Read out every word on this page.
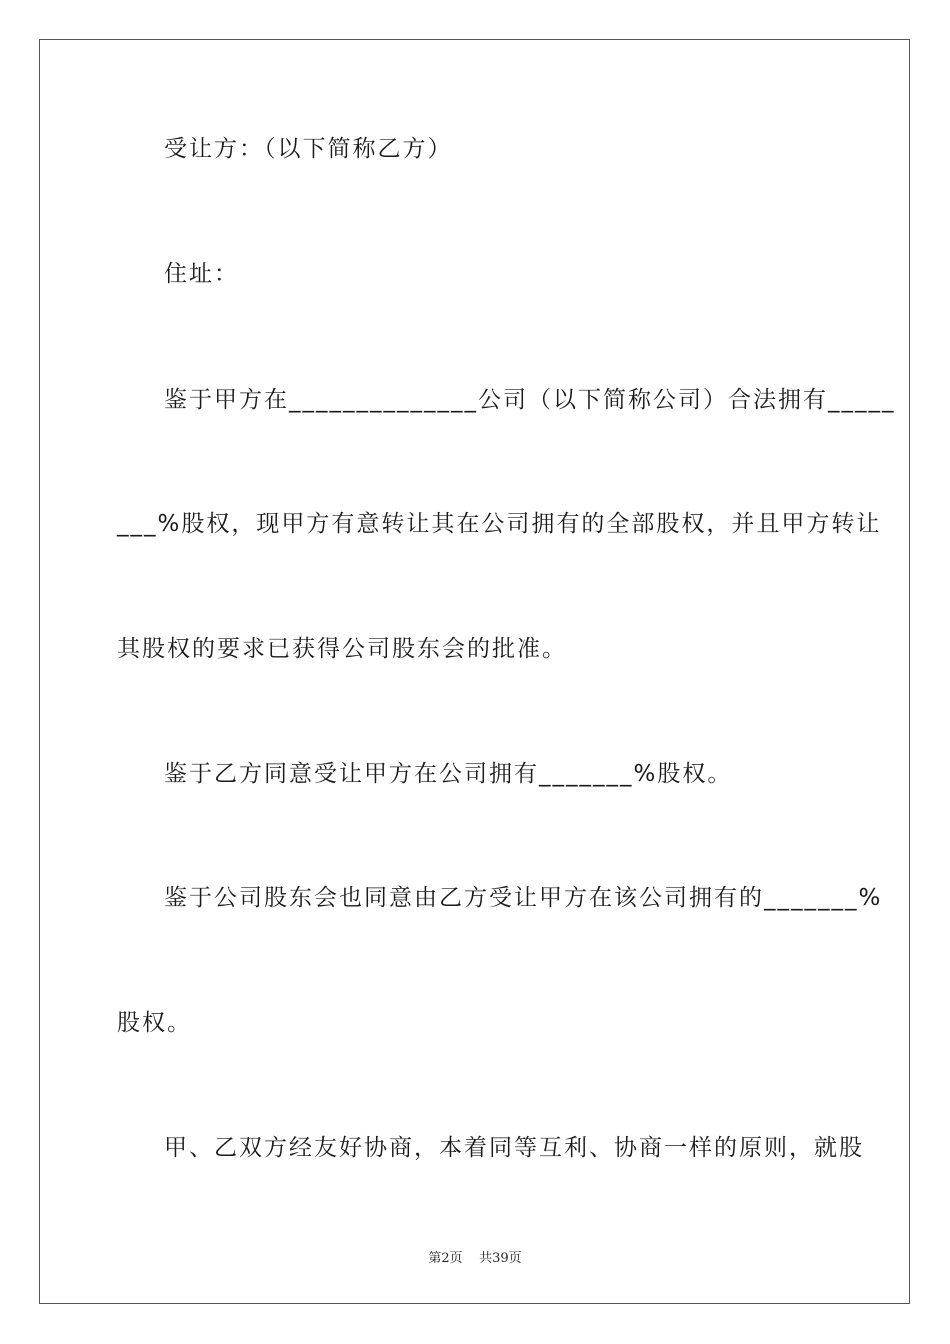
受让方：（以下简称乙方）
住址：
鉴于甲方在______________公司（以下简称公司）合法拥有_____
___%股权，现甲方有意转让其在公司拥有的全部股权，并且甲方转让
其股权的要求已获得公司股东会的批准。
鉴于乙方同意受让甲方在公司拥有_______%股权。
鉴于公司股东会也同意由乙方受让甲方在该公司拥有的_______%
股权。
甲、乙双方经友好协商，本着同等互利、协商一样的原则，就股
第2页 共39页
